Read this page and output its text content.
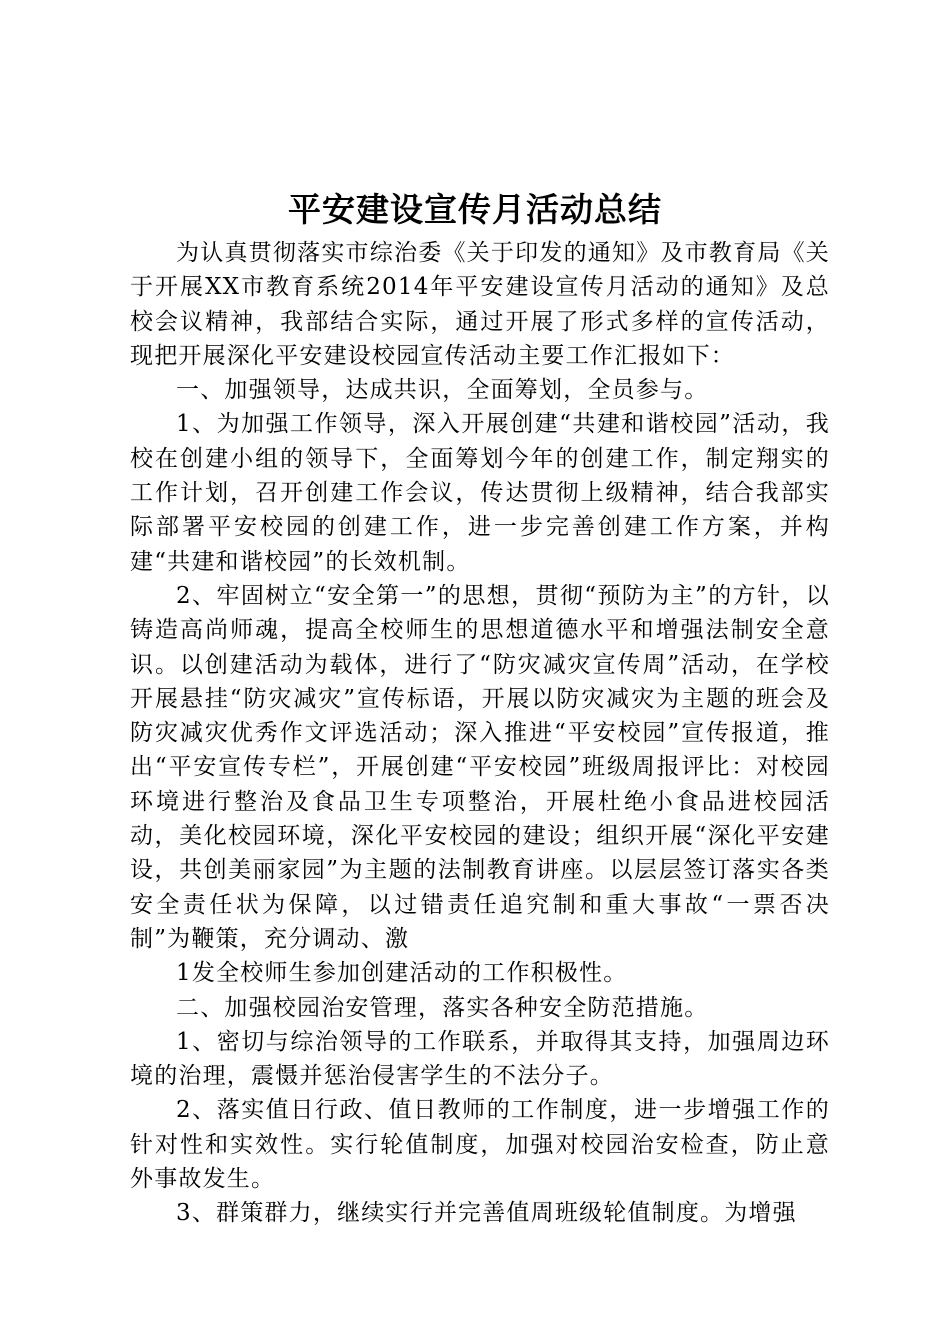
平安建设宣传月活动总结

为认真贯彻落实市综治委《关于印发的通知》及市教育局《关于开展XX市教育系统2014年平安建设宣传月活动的通知》及总校会议精神，我部结合实际，通过开展了形式多样的宣传活动，现把开展深化平安建设校园宣传活动主要工作汇报如下：

一、加强领导，达成共识，全面筹划，全员参与。

1、为加强工作领导，深入开展创建“共建和谐校园”活动，我校在创建小组的领导下，全面筹划今年的创建工作，制定翔实的工作计划，召开创建工作会议，传达贯彻上级精神，结合我部实际部署平安校园的创建工作，进一步完善创建工作方案，并构建“共建和谐校园”的长效机制。

2、牢固树立“安全第一”的思想，贯彻“预防为主”的方针，以铸造高尚师魂，提高全校师生的思想道德水平和增强法制安全意识。以创建活动为载体，进行了“防灾减灾宣传周”活动，在学校开展悬挂“防灾减灾”宣传标语，开展以防灾减灾为主题的班会及防灾减灾优秀作文评选活动；深入推进“平安校园”宣传报道，推出“平安宣传专栏”，开展创建“平安校园”班级周报评比：对校园环境进行整治及食品卫生专项整治，开展杜绝小食品进校园活动，美化校园环境，深化平安校园的建设；组织开展“深化平安建设，共创美丽家园”为主题的法制教育讲座。以层层签订落实各类安全责任状为保障，以过错责任追究制和重大事故“一票否决制”为鞭策，充分调动、激

1发全校师生参加创建活动的工作积极性。

二、加强校园治安管理，落实各种安全防范措施。

1、密切与综治领导的工作联系，并取得其支持，加强周边环境的治理，震慑并惩治侵害学生的不法分子。

2、落实值日行政、值日教师的工作制度，进一步增强工作的针对性和实效性。实行轮值制度，加强对校园治安检查，防止意外事故发生。

3、群策群力，继续实行并完善值周班级轮值制度。为增强
